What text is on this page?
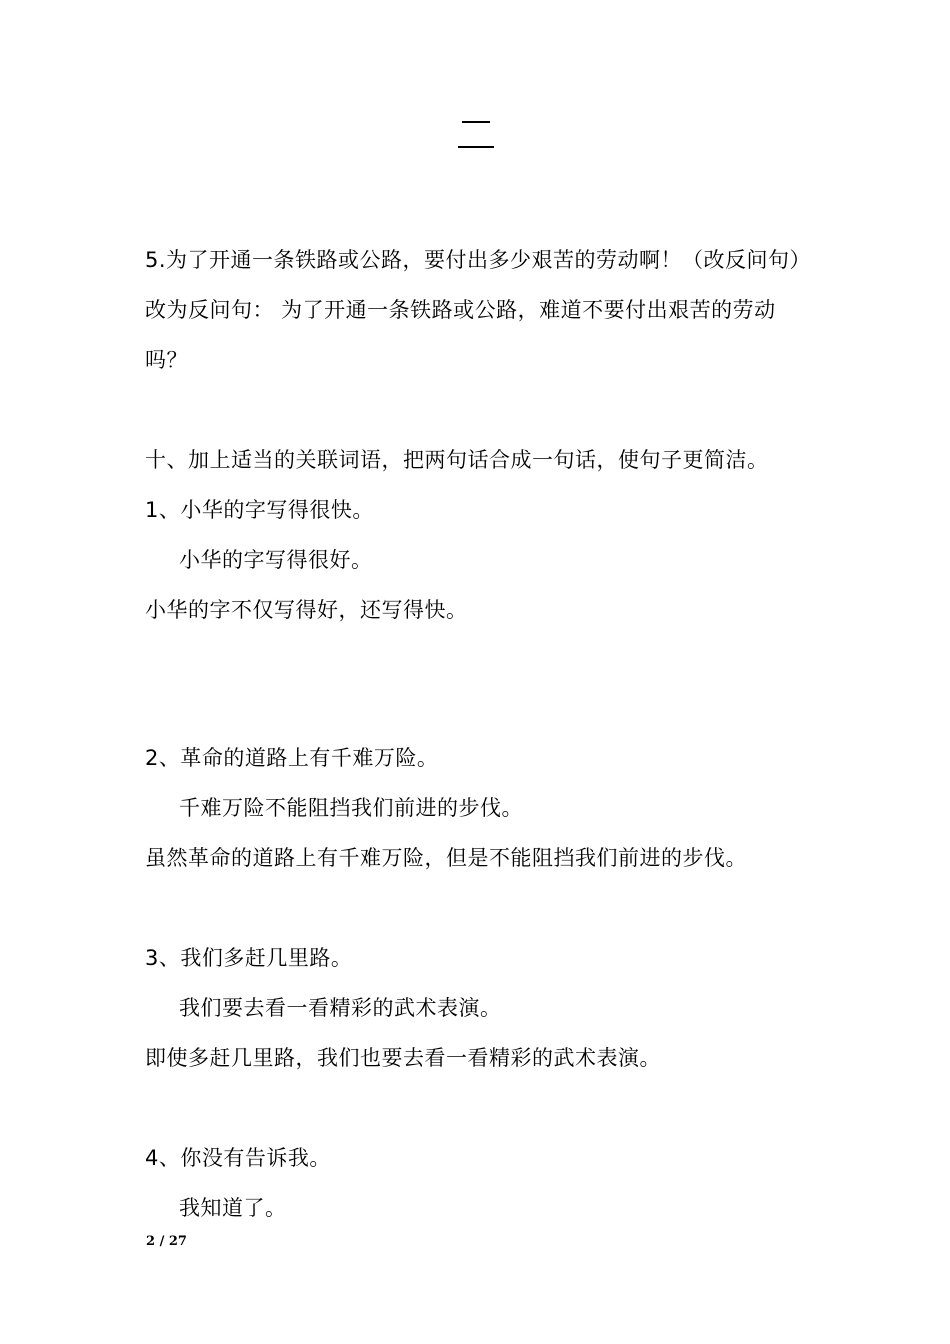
5.为了开通一条铁路或公路，要付出多少艰苦的劳动啊！（改反问句）
改为反问句： 为了开通一条铁路或公路，难道不要付出艰苦的劳动
吗？
十、加上适当的关联词语，把两句话合成一句话，使句子更简洁。
1、小华的字写得很快。
小华的字写得很好。
小华的字不仅写得好，还写得快。
2、革命的道路上有千难万险。
千难万险不能阻挡我们前进的步伐。
虽然革命的道路上有千难万险，但是不能阻挡我们前进的步伐。
3、我们多赶几里路。
我们要去看一看精彩的武术表演。
即使多赶几里路，我们也要去看一看精彩的武术表演。
4、你没有告诉我。
我知道了。
2 / 27
